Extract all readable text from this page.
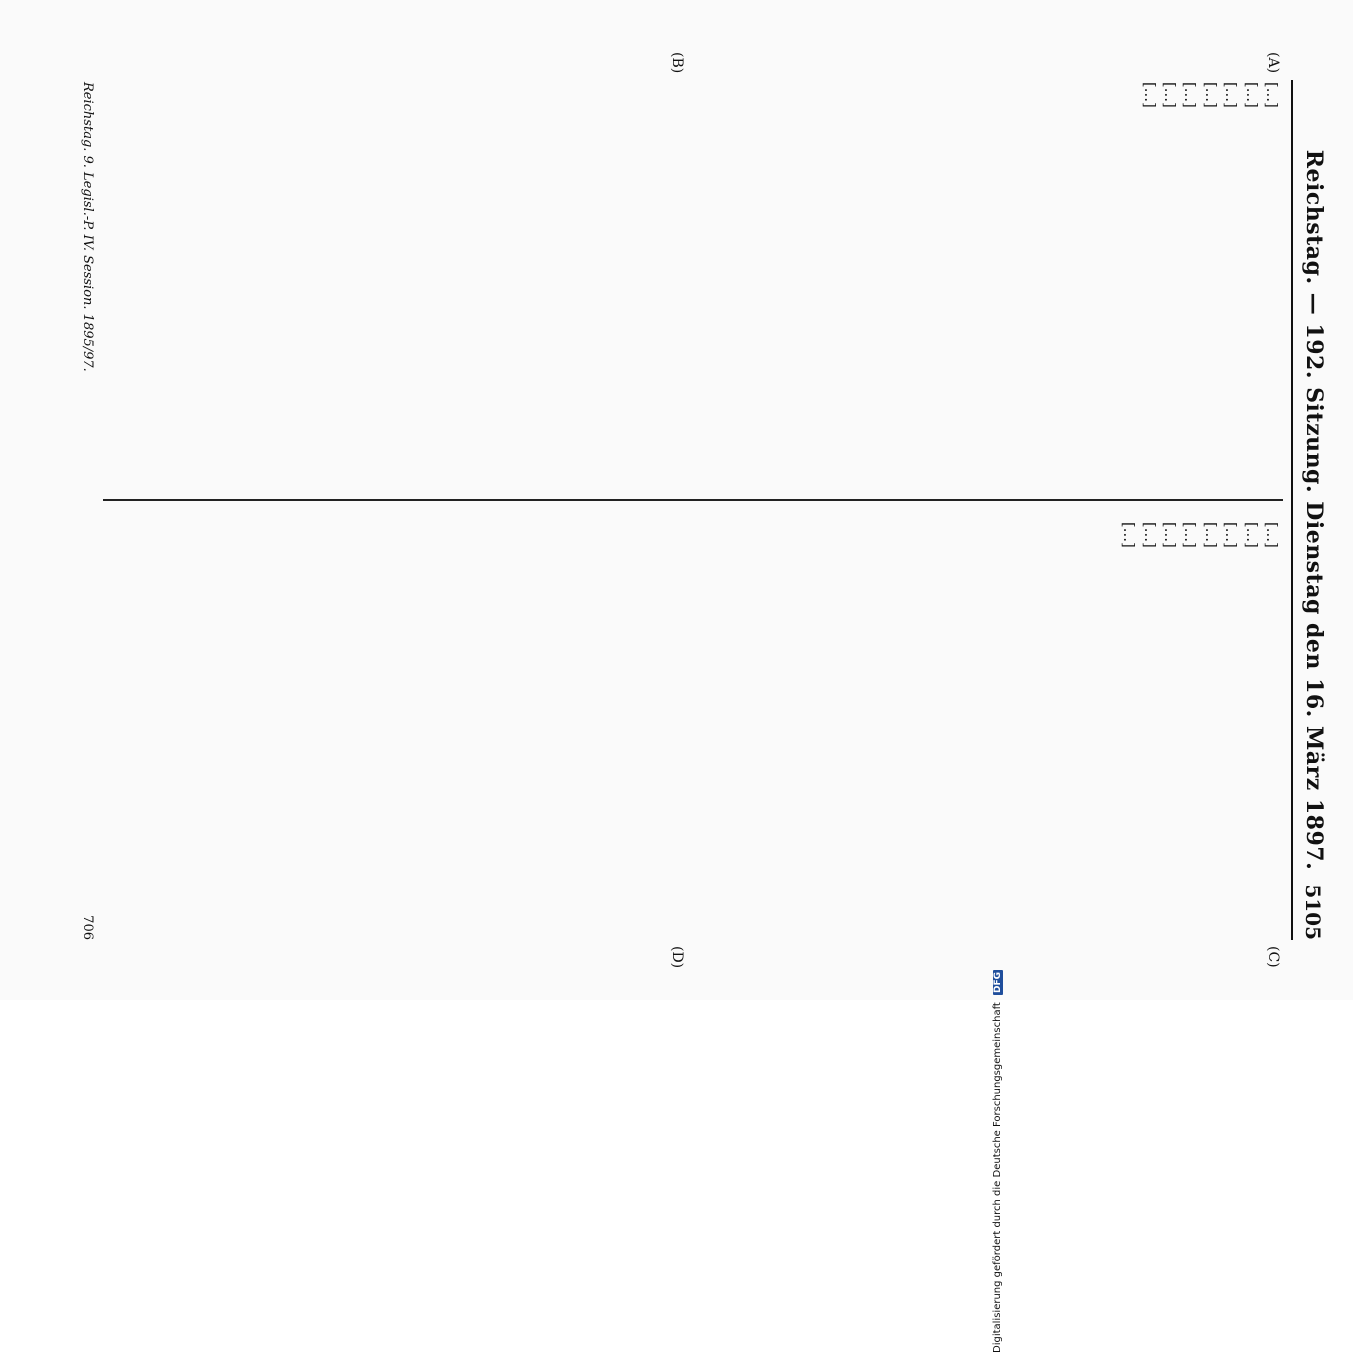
Reichstag. — 192. Sitzung. Dienstag den 16. März 1897.
5105
(A)
(B)
(C)
(D)

[…]

[…]

[…]

[…]

[…]

[…]

[…]

[…]

[…]

[…]

[…]

[…]

[…]

[…]

[…]

Reichstag. 9. Legisl.-P. IV. Session. 1895/97.
706
Digitalisierung gefördert durch die Deutsche Forschungsgemeinschaft DFG
